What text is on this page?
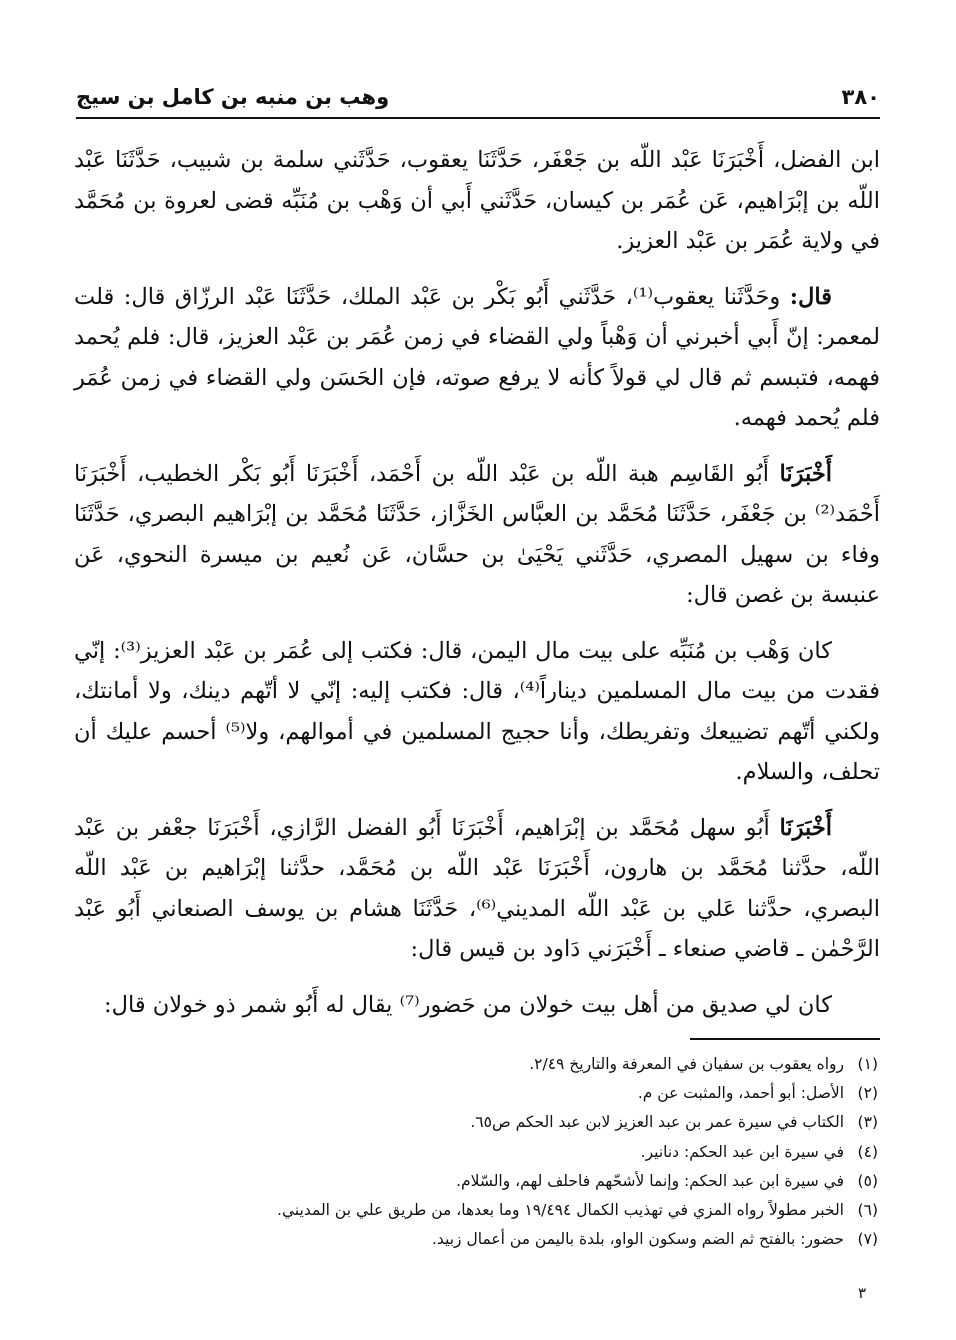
٣٨٠
وهب بن منبه بن كامل بن سيج

ابن الفضل، أَخْبَرَنَا عَبْد اللّه بن جَعْفَر، حَدَّثَنَا يعقوب، حَدَّثَني سلمة بن شبيب، حَدَّثَنَا عَبْد اللّه بن إبْرَاهيم، عَن عُمَر بن كيسان، حَدَّثَني أَبي أن وَهْب بن مُنَبِّه قضى لعروة بن مُحَمَّد في ولاية عُمَر بن عَبْد العزيز.

قال: وحَدَّثَنا يعقوب⁽¹⁾، حَدَّثَني أَبُو بَكْر بن عَبْد الملك، حَدَّثَنَا عَبْد الرزّاق قال: قلت لمعمر: إنّ أَبي أخبرني أن وَهْباً ولي القضاء في زمن عُمَر بن عَبْد العزيز، قال: فلم يُحمد فهمه، فتبسم ثم قال لي قولاً كأنه لا يرفع صوته، فإن الحَسَن ولي القضاء في زمن عُمَر فلم يُحمد فهمه.

أَخْبَرَنَا أَبُو القَاسِم هبة اللّه بن عَبْد اللّه بن أَحْمَد، أَخْبَرَنَا أَبُو بَكْر الخطيب، أَخْبَرَنَا أَحْمَد⁽²⁾ بن جَعْفَر، حَدَّثَنَا مُحَمَّد بن العبَّاس الخَزَّاز، حَدَّثَنَا مُحَمَّد بن إبْرَاهيم البصري، حَدَّثَنَا وفاء بن سهيل المصري، حَدَّثَني يَحْيَىٰ بن حسَّان، عَن نُعيم بن ميسرة النحوي، عَن عنبسة بن غصن قال:

كان وَهْب بن مُنَبِّه على بيت مال اليمن، قال: فكتب إلى عُمَر بن عَبْد العزيز⁽³⁾: إنّي فقدت من بيت مال المسلمين ديناراً⁽⁴⁾، قال: فكتب إليه: إنّي لا أتّهم دينك، ولا أمانتك، ولكني أتّهم تضييعك وتفريطك، وأنا حجيج المسلمين في أموالهم، ولا⁽⁵⁾ أحسم عليك أن تحلف، والسلام.

أَخْبَرَنَا أَبُو سهل مُحَمَّد بن إبْرَاهيم، أَخْبَرَنَا أَبُو الفضل الرَّازي، أَخْبَرَنَا جعْفر بن عَبْد اللّه، حدَّثنا مُحَمَّد بن هارون، أَخْبَرَنَا عَبْد اللّه بن مُحَمَّد، حدَّثنا إبْرَاهيم بن عَبْد اللّه البصري، حدَّثنا عَلي بن عَبْد اللّه المديني⁽⁶⁾، حَدَّثَنَا هشام بن يوسف الصنعاني أَبُو عَبْد الرَّحْمٰن ـ قاضي صنعاء ـ أَخْبَرَني دَاود بن قيس قال:

كان لي صديق من أهل بيت خولان من حَضور⁽⁷⁾ يقال له أَبُو شمر ذو خولان قال:

(١)
رواه يعقوب بن سفيان في المعرفة والتاريخ ٢/٤٩.
(٢)
الأصل: أبو أحمد، والمثبت عن م.
(٣)
الكتاب في سيرة عمر بن عبد العزيز لابن عبد الحكم ص٦٥.
(٤)
في سيرة ابن عبد الحكم: دنانير.
(٥)
في سيرة ابن عبد الحكم: وإنما لأشحّهم فاحلف لهم، والسّلام.
(٦)
الخبر مطولاً رواه المزي في تهذيب الكمال ١٩/٤٩٤ وما بعدها، من طريق علي بن المديني.
(٧)
حضور: بالفتح ثم الضم وسكون الواو، بلدة باليمن من أعمال زبيد.
٣
